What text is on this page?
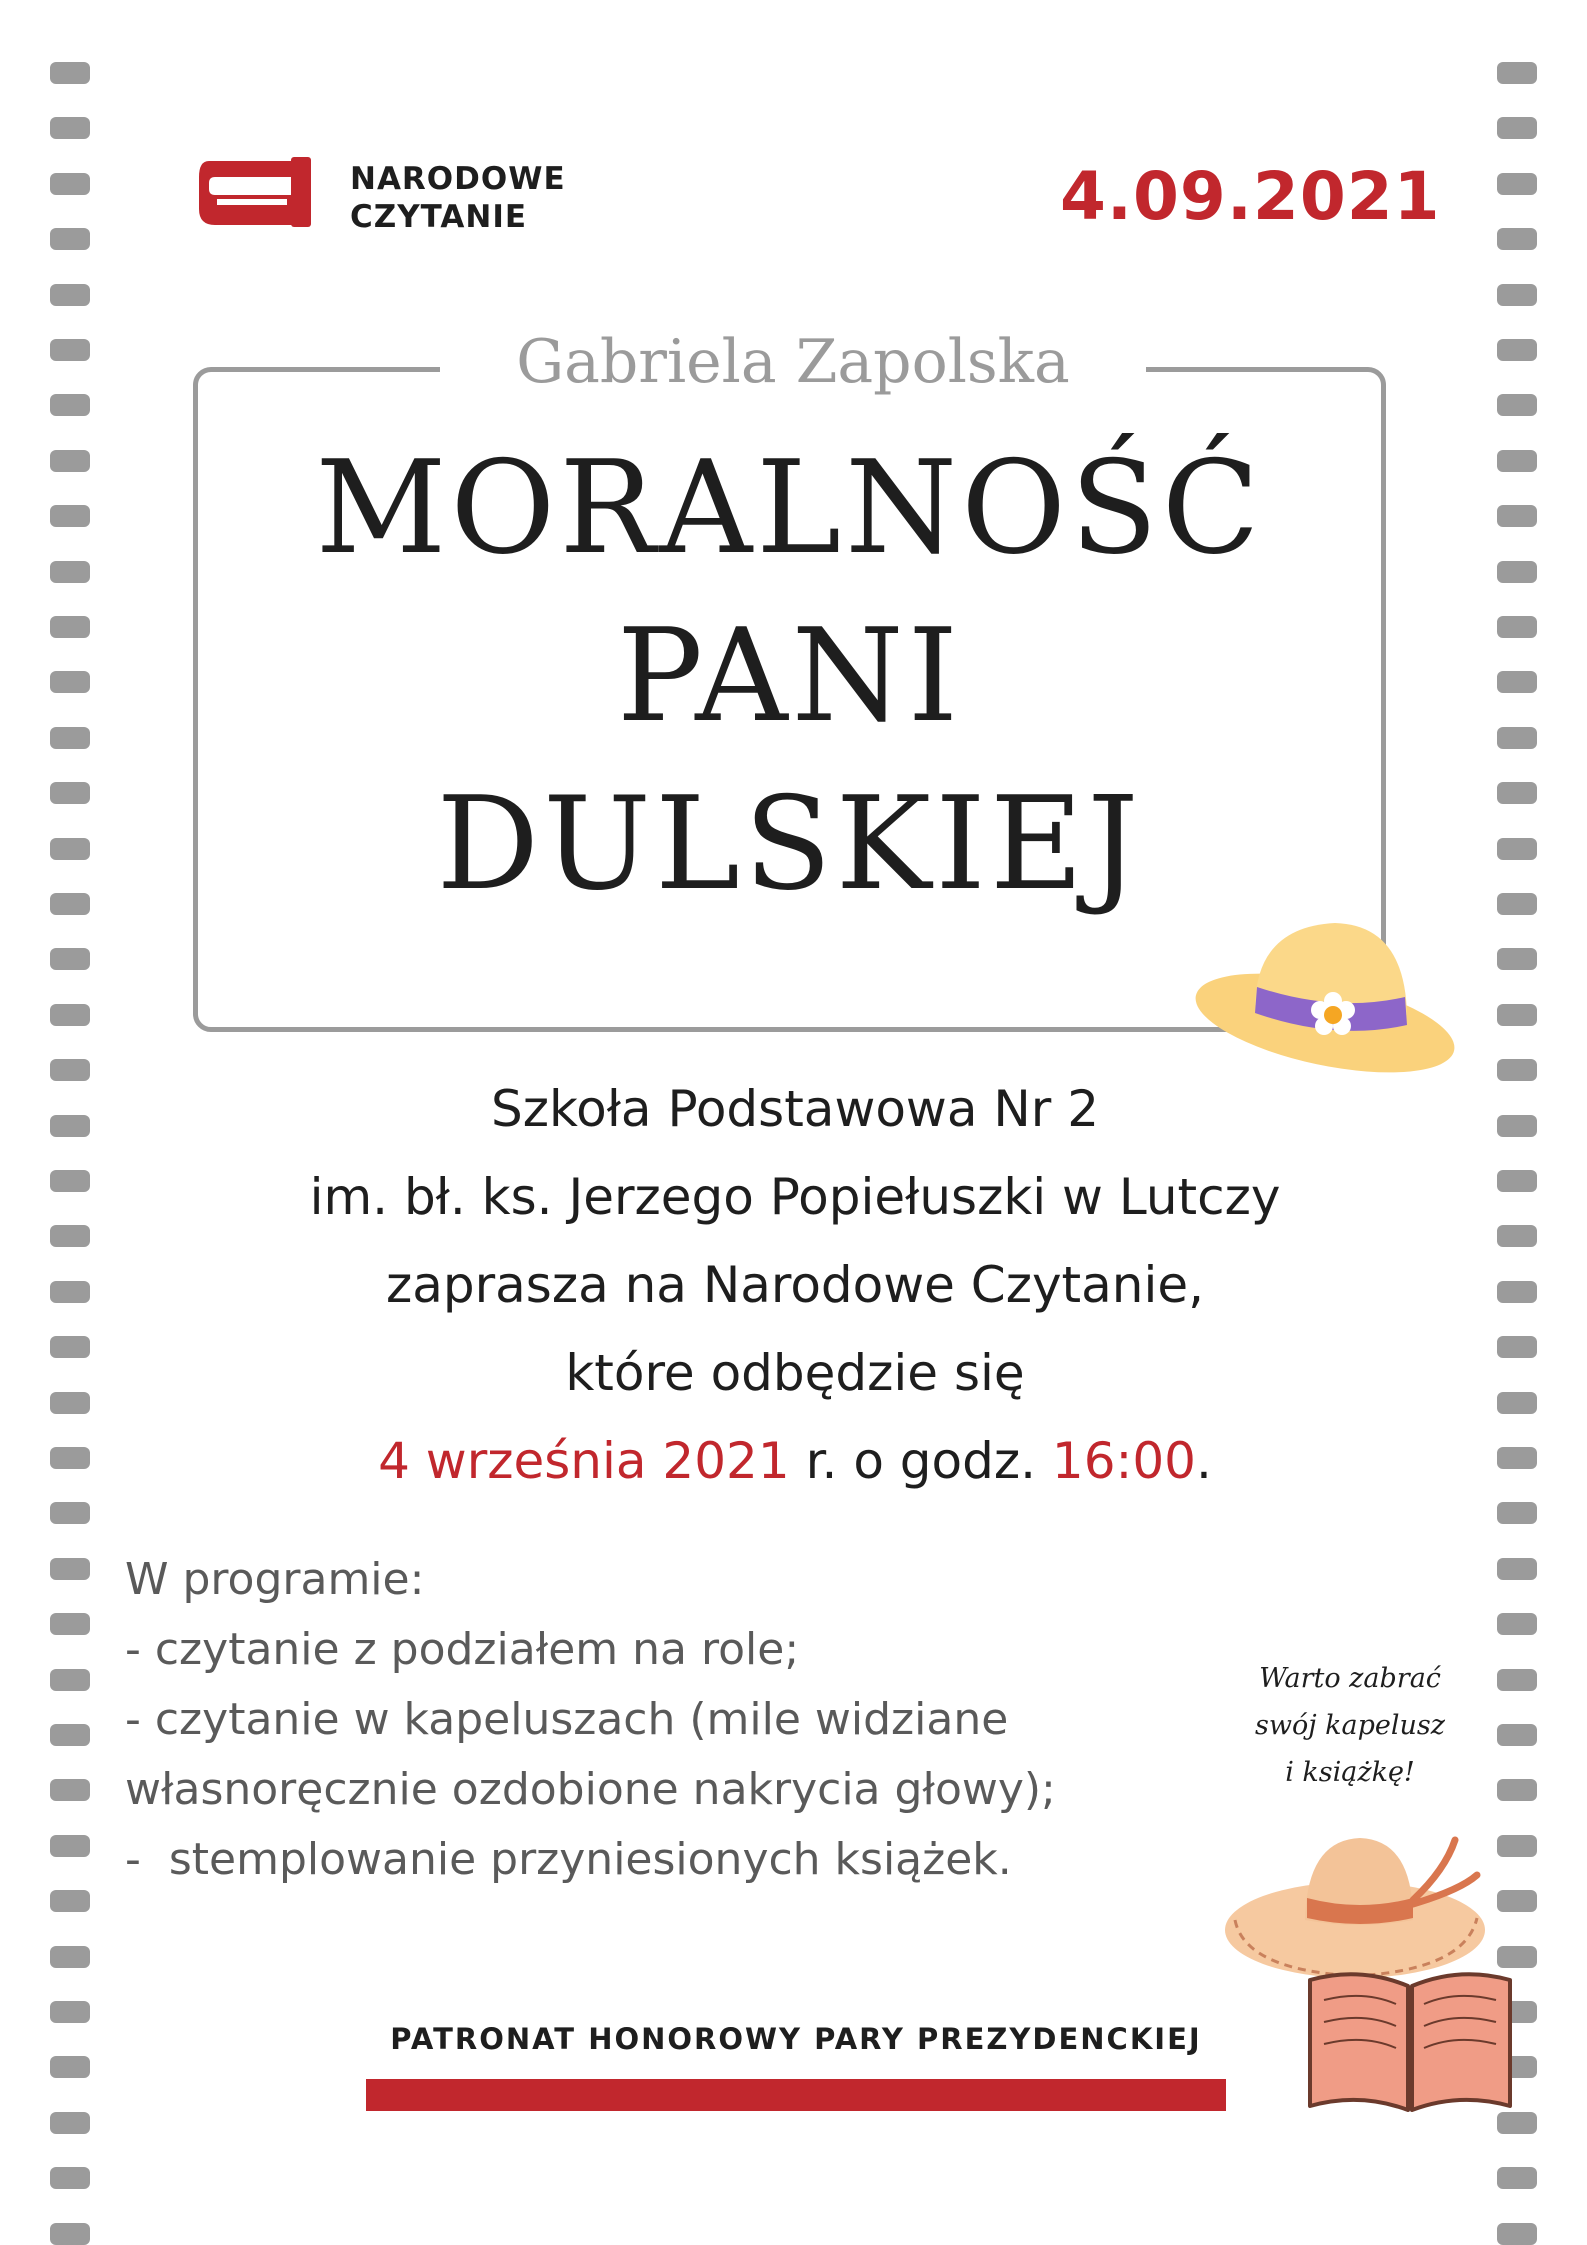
NARODOWE
CZYTANIE	4.09.2021
Gabriela Zapolska
MORALNOŚĆ
PANI
DULSKIEJ
Szkoła Podstawowa Nr 2
im. bł. ks. Jerzego Popiełuszki w Lutczy
zaprasza na Narodowe Czytanie,
które odbędzie się
4 września 2021 r. o godz. 16:00.
W programie:
- czytanie z podziałem na role;
- czytanie w kapeluszach (mile widziane
własnoręcznie ozdobione nakrycia głowy);
-  stemplowanie przyniesionych książek.
Warto zabrać
swój kapelusz
i książkę!
PATRONAT HONOROWY PARY PREZYDENCKIEJ
